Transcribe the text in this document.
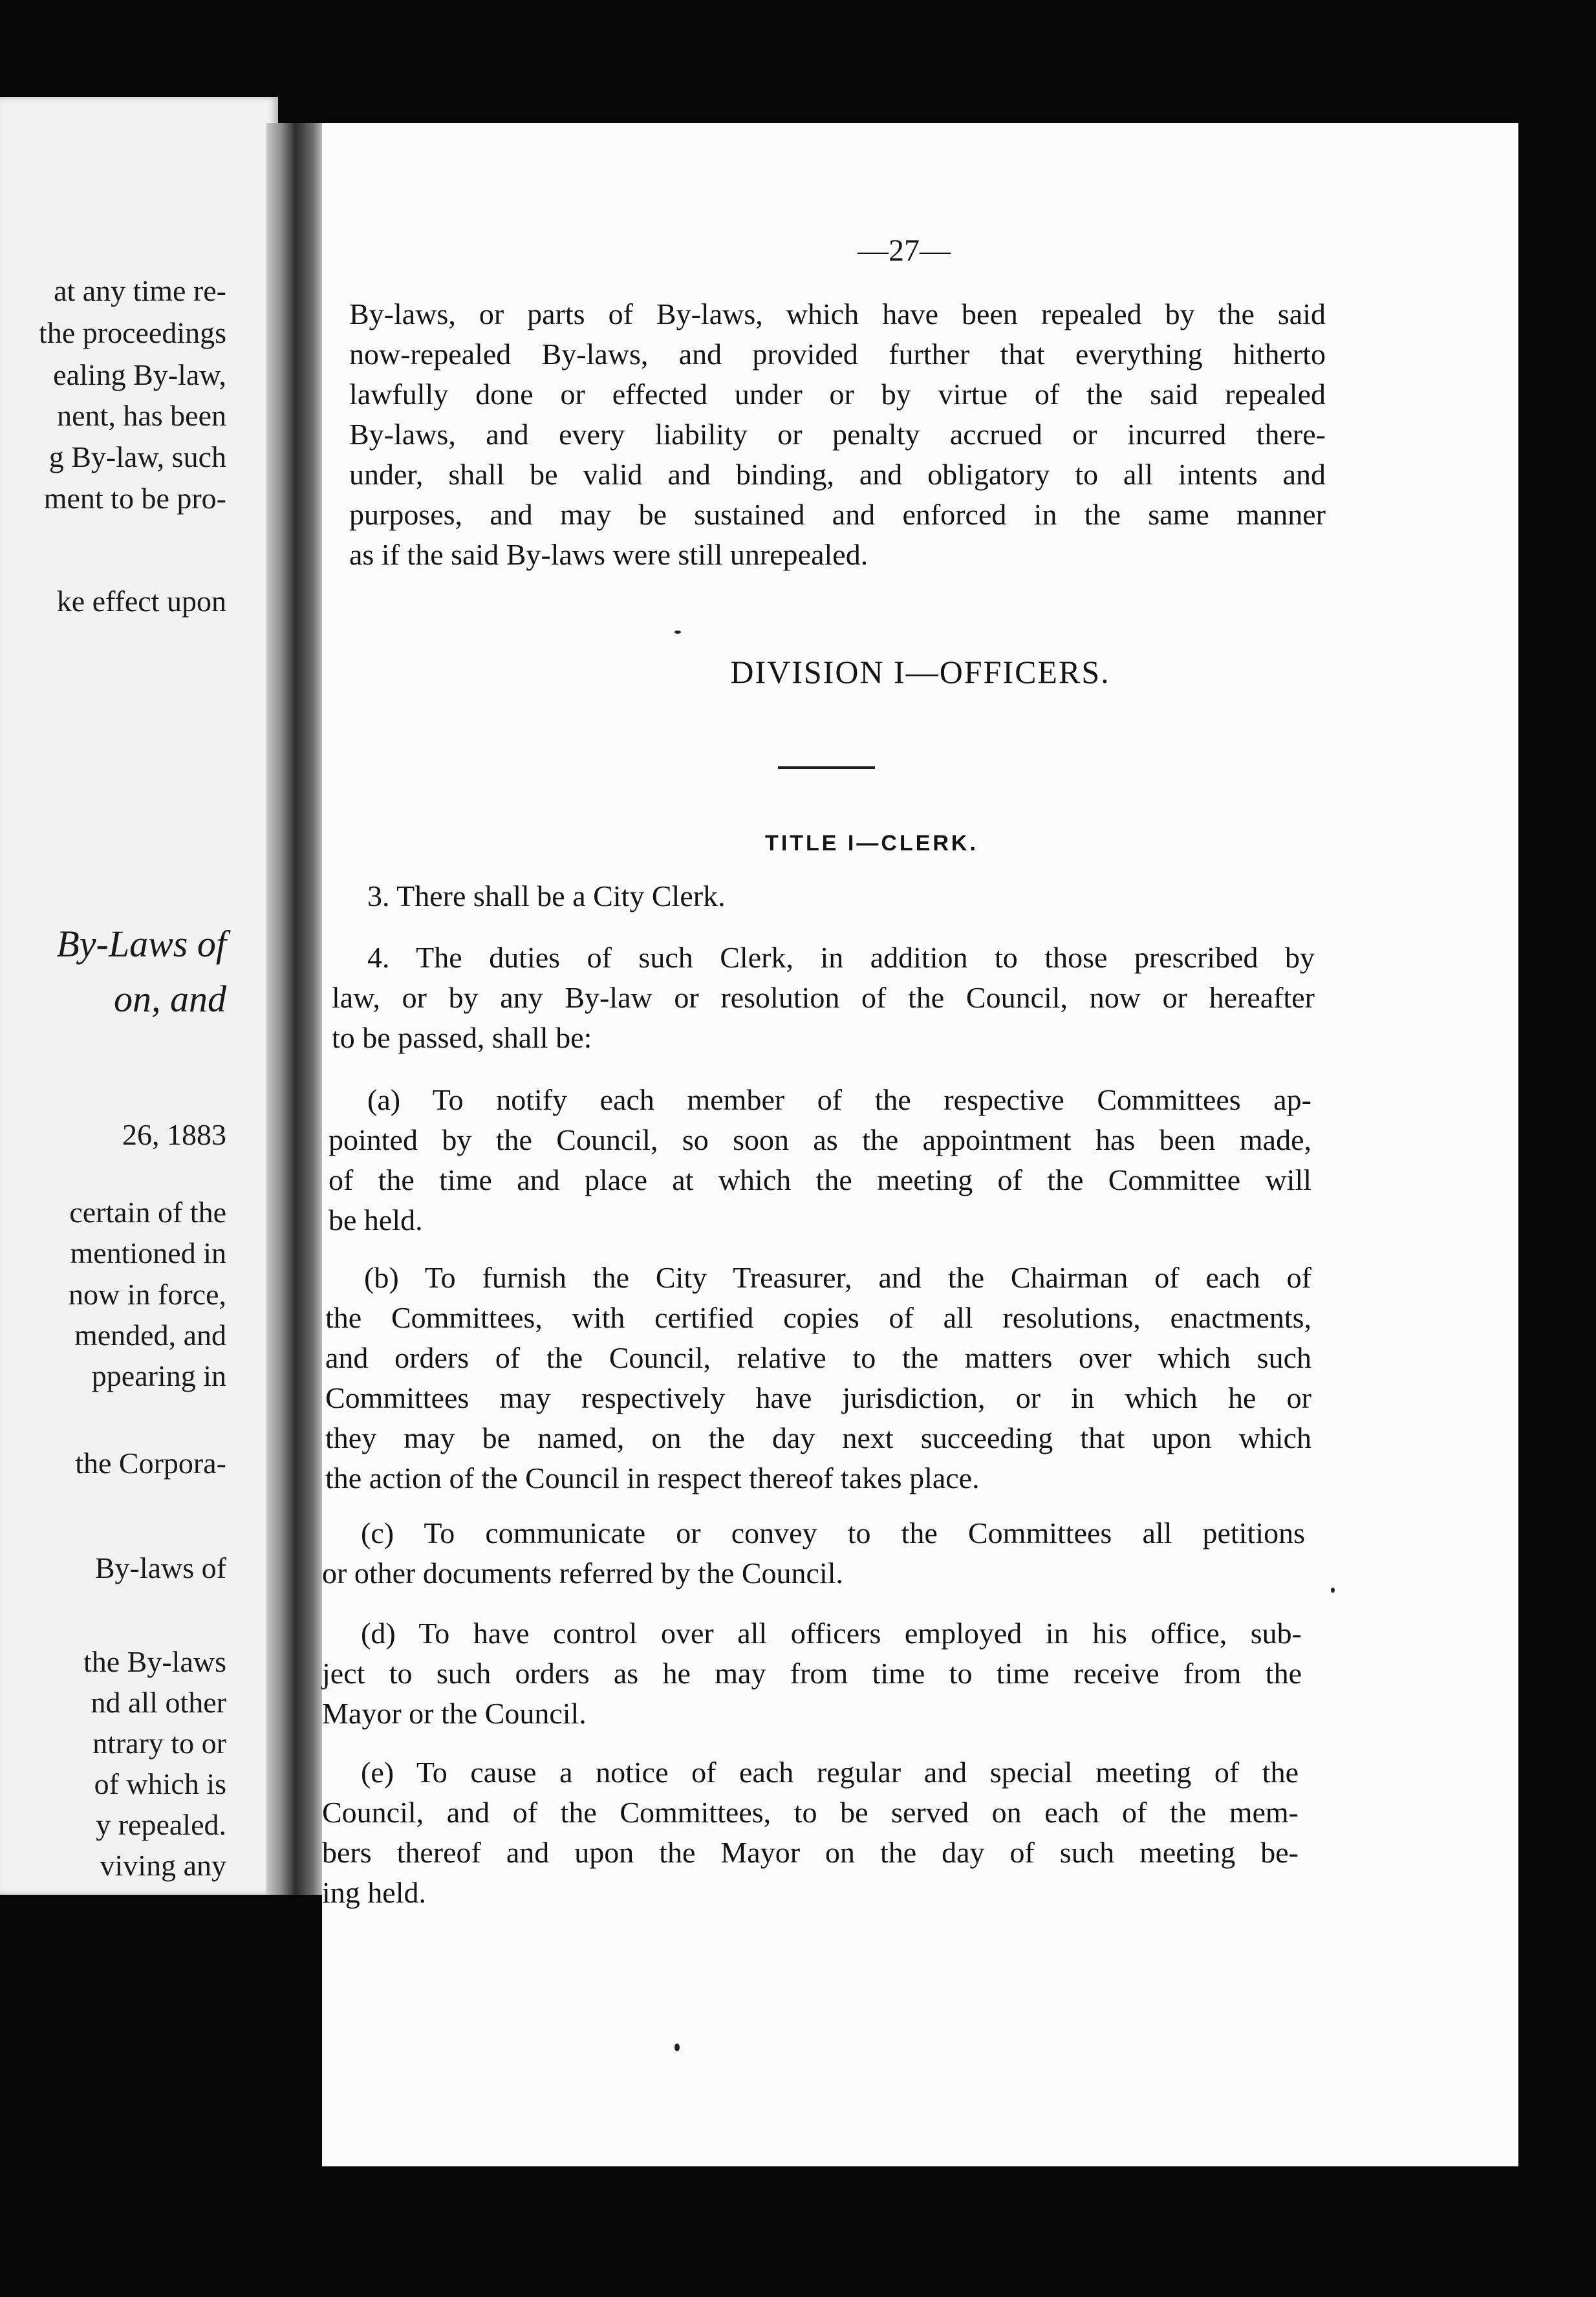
at any time re-
the proceedings
ealing By-law,
nent, has been
g By-law, such
ment to be pro-
ke effect upon
By-Laws of
on, and
26, 1883
certain of the
mentioned in
now in force,
mended, and
ppearing in
the Corpora-
By-laws of
the By-laws
nd all other
ntrary to or
of which is
y repealed.
viving any
—27—

By-laws, or parts of By-laws, which have been repealed by the said

now-repealed By-laws, and provided further that everything hitherto

lawfully done or effected under or by virtue of the said repealed

By-laws, and every liability or penalty accrued or incurred there-

under, shall be valid and binding, and obligatory to all intents and

purposes, and may be sustained and enforced in the same manner

as if the said By-laws were still unrepealed.

DIVISION I—OFFICERS.
TITLE I—CLERK.
3. There shall be a City Clerk.

4. The duties of such Clerk, in addition to those prescribed by

law, or by any By-law or resolution of the Council, now or hereafter

to be passed, shall be:

(a) To notify each member of the respective Committees ap-

pointed by the Council, so soon as the appointment has been made,

of the time and place at which the meeting of the Committee will

be held.

(b) To furnish the City Treasurer, and the Chairman of each of

the Committees, with certified copies of all resolutions, enactments,

and orders of the Council, relative to the matters over which such

Committees may respectively have jurisdiction, or in which he or

they may be named, on the day next succeeding that upon which

the action of the Council in respect thereof takes place.

(c) To communicate or convey to the Committees all petitions

or other documents referred by the Council.

(d) To have control over all officers employed in his office, sub-

ject to such orders as he may from time to time receive from the

Mayor or the Council.

(e) To cause a notice of each regular and special meeting of the

Council, and of the Committees, to be served on each of the mem-

bers thereof and upon the Mayor on the day of such meeting be-

ing held.
